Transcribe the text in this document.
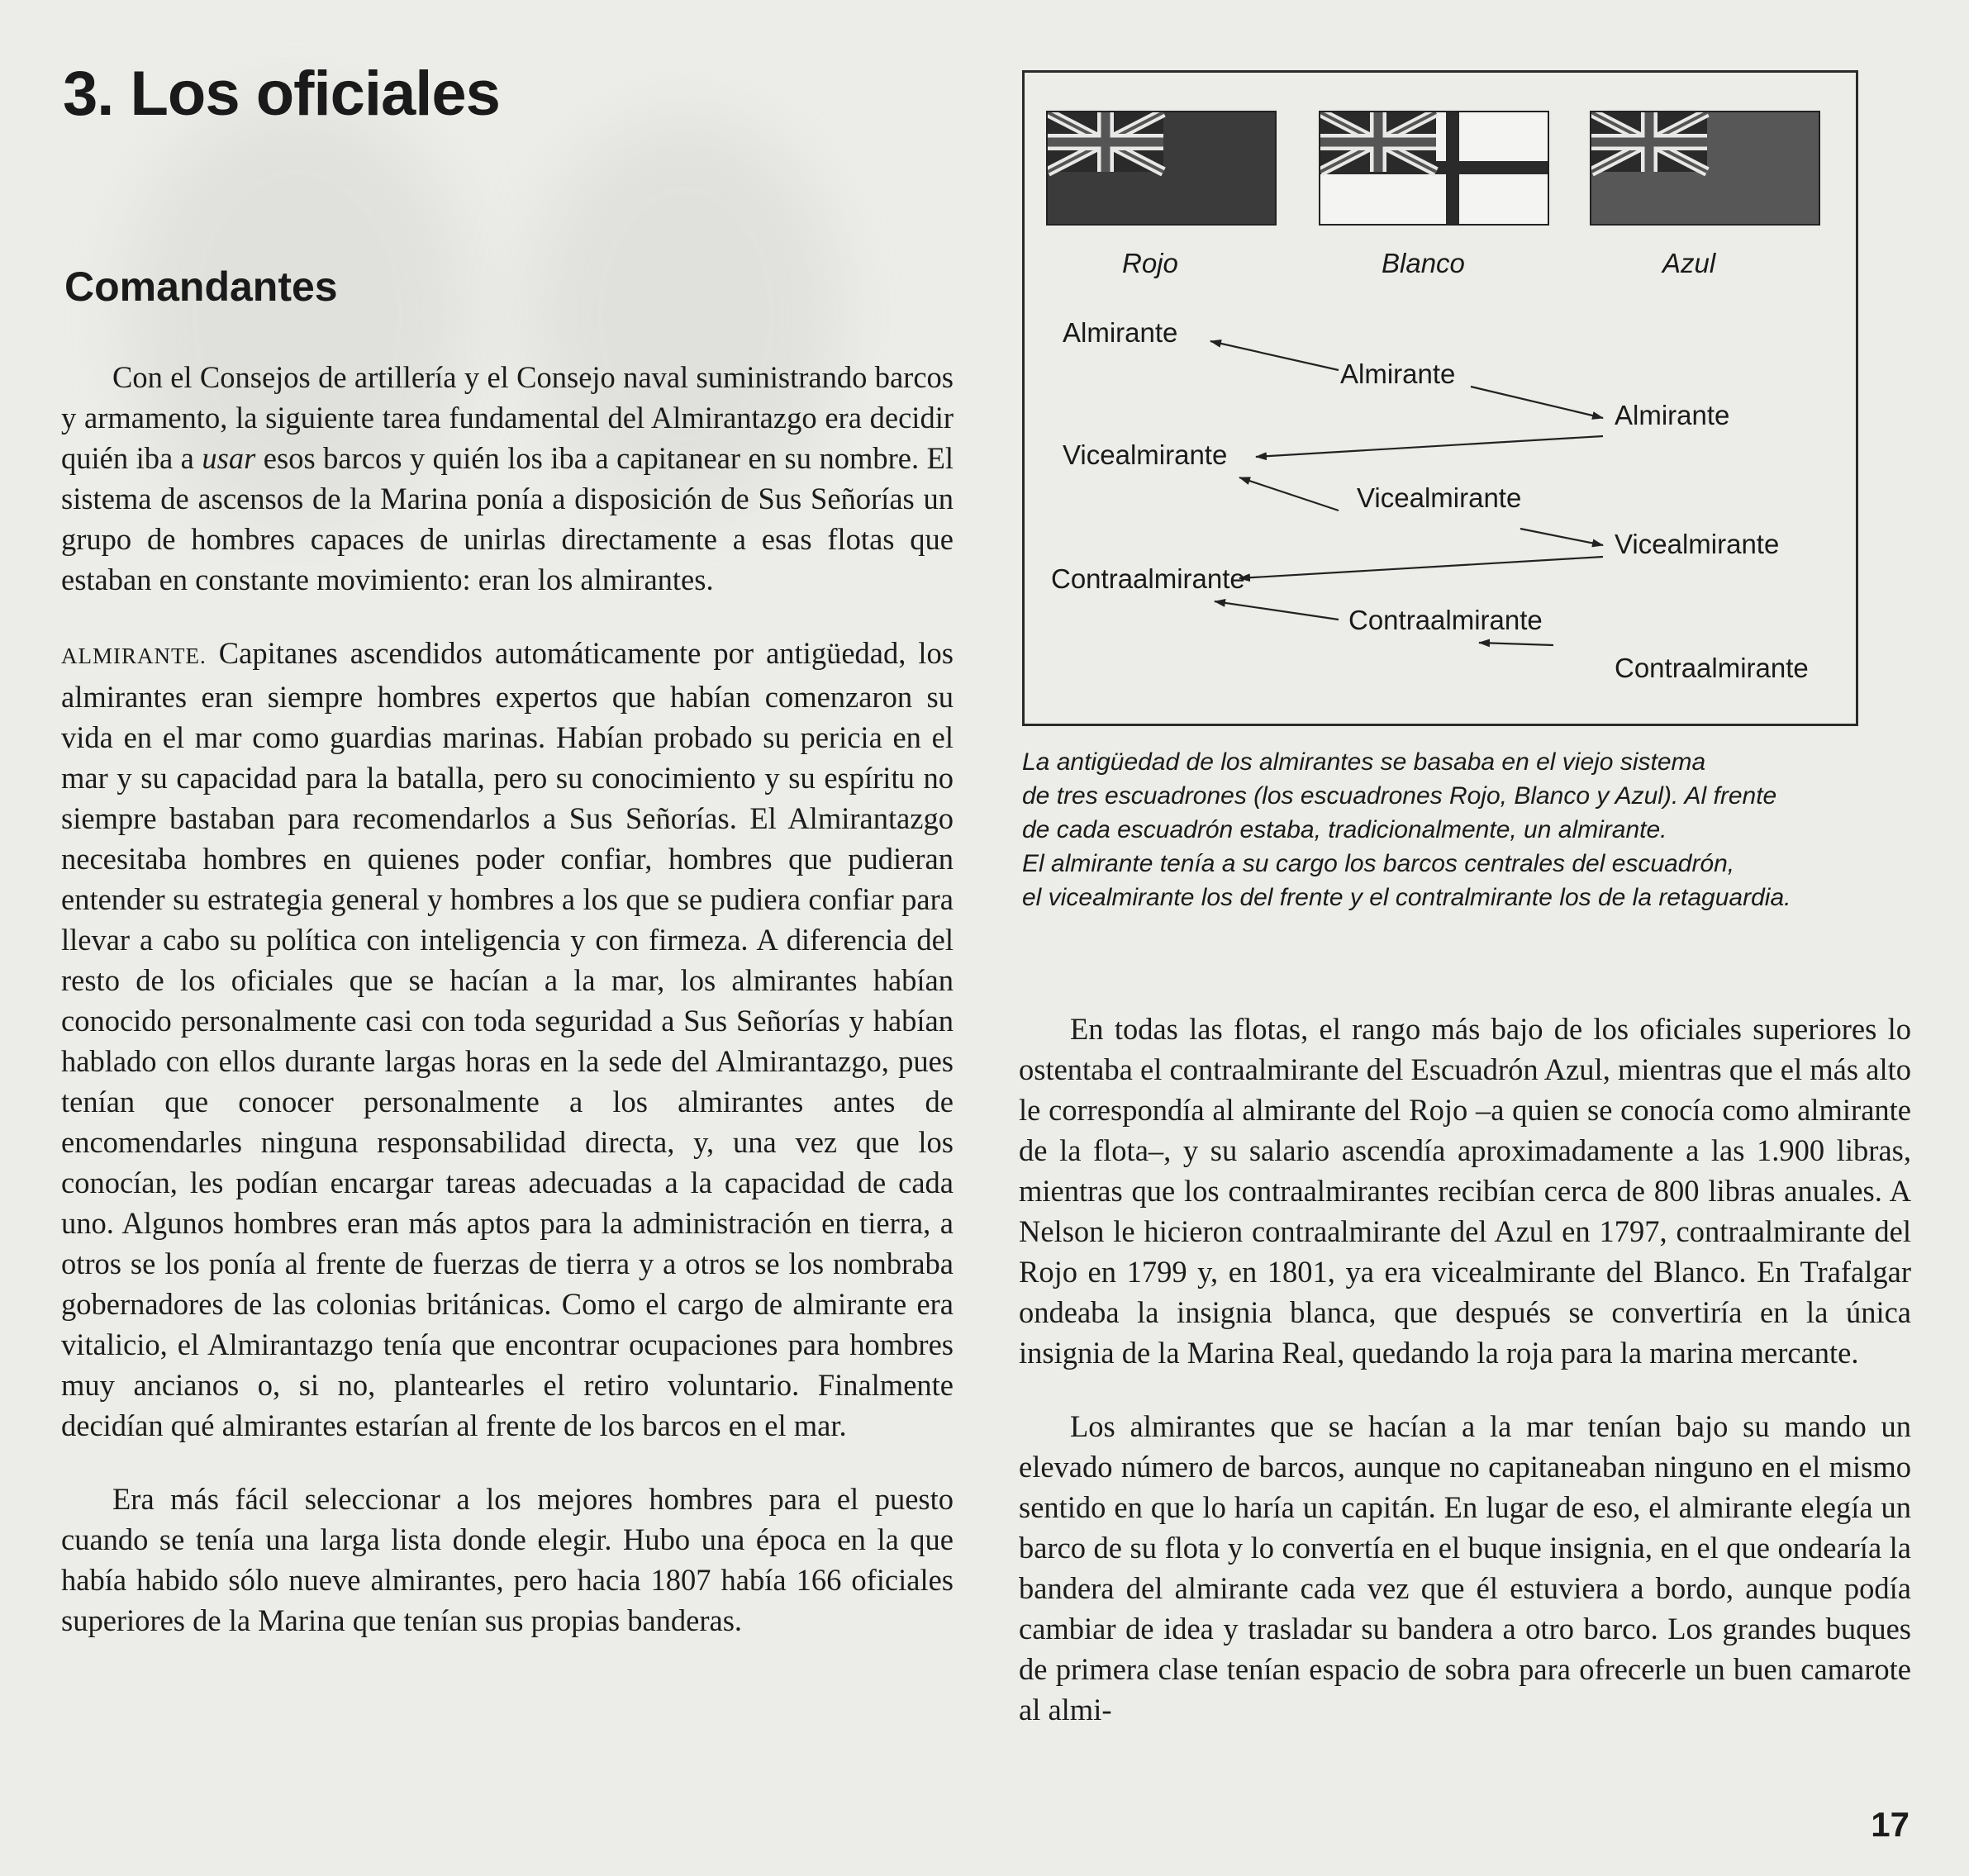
3. Los oficiales
Comandantes

Con el Consejos de artillería y el Consejo naval suministrando barcos y armamento, la siguiente tarea fundamental del Almirantazgo era decidir quién iba a usar esos barcos y quién los iba a capitanear en su nombre. El sistema de ascensos de la Marina ponía a disposición de Sus Señorías un grupo de hombres capaces de unirlas directamente a esas flotas que estaban en constante movimiento: eran los almirantes.

ALMIRANTE. Capitanes ascendidos automáticamente por antigüedad, los almirantes eran siempre hombres expertos que habían comenzaron su vida en el mar como guardias marinas. Habían probado su pericia en el mar y su capacidad para la batalla, pero su conocimiento y su espíritu no siempre bastaban para recomendarlos a Sus Señorías. El Almirantazgo necesitaba hombres en quienes poder confiar, hombres que pudieran entender su estrategia general y hombres a los que se pudiera confiar para llevar a cabo su política con inteligencia y con firmeza. A diferencia del resto de los oficiales que se hacían a la mar, los almirantes habían conocido personalmente casi con toda seguridad a Sus Señorías y habían hablado con ellos durante largas horas en la sede del Almirantazgo, pues tenían que conocer personalmente a los almirantes antes de encomendarles ninguna responsabilidad directa, y, una vez que los conocían, les podían encargar tareas adecuadas a la capacidad de cada uno. Algunos hombres eran más aptos para la administración en tierra, a otros se los ponía al frente de fuerzas de tierra y a otros se los nombraba gobernadores de las colonias británicas. Como el cargo de almirante era vitalicio, el Almirantazgo tenía que encontrar ocupaciones para hombres muy ancianos o, si no, plantearles el retiro voluntario. Finalmente decidían qué almirantes estarían al frente de los barcos en el mar.

Era más fácil seleccionar a los mejores hombres para el puesto cuando se tenía una larga lista donde elegir. Hubo una época en la que había habido sólo nueve almirantes, pero hacia 1807 había 166 oficiales superiores de la Marina que tenían sus propias banderas.

Rojo	Blanco	Azul
Almirante
Vicealmirante
Contraalmirante
Almirante
Vicealmirante
Contraalmirante
Almirante
Vicealmirante
Contraalmirante
La antigüedad de los almirantes se basaba en el viejo sistema
de tres escuadrones (los escuadrones Rojo, Blanco y Azul). Al frente
de cada escuadrón estaba, tradicionalmente, un almirante.
El almirante tenía a su cargo los barcos centrales del escuadrón,
el vicealmirante los del frente y el contralmirante los de la retaguardia.

En todas las flotas, el rango más bajo de los oficiales superiores lo ostentaba el contraalmirante del Escuadrón Azul, mientras que el más alto le correspondía al almirante del Rojo –a quien se conocía como almirante de la flota–, y su salario ascendía aproximadamente a las 1.900 libras, mientras que los contraalmirantes recibían cerca de 800 libras anuales. A Nelson le hicieron contraalmirante del Azul en 1797, contraalmirante del Rojo en 1799 y, en 1801, ya era vicealmirante del Blanco. En Trafalgar ondeaba la insignia blanca, que después se convertiría en la única insignia de la Marina Real, quedando la roja para la marina mercante.

Los almirantes que se hacían a la mar tenían bajo su mando un elevado número de barcos, aunque no capitaneaban ninguno en el mismo sentido en que lo haría un capitán. En lugar de eso, el almirante elegía un barco de su flota y lo convertía en el buque insignia, en el que ondearía la bandera del almirante cada vez que él estuviera a bordo, aunque podía cambiar de idea y trasladar su bandera a otro barco. Los grandes buques de primera clase tenían espacio de sobra para ofrecerle un buen camarote al almi-

17
